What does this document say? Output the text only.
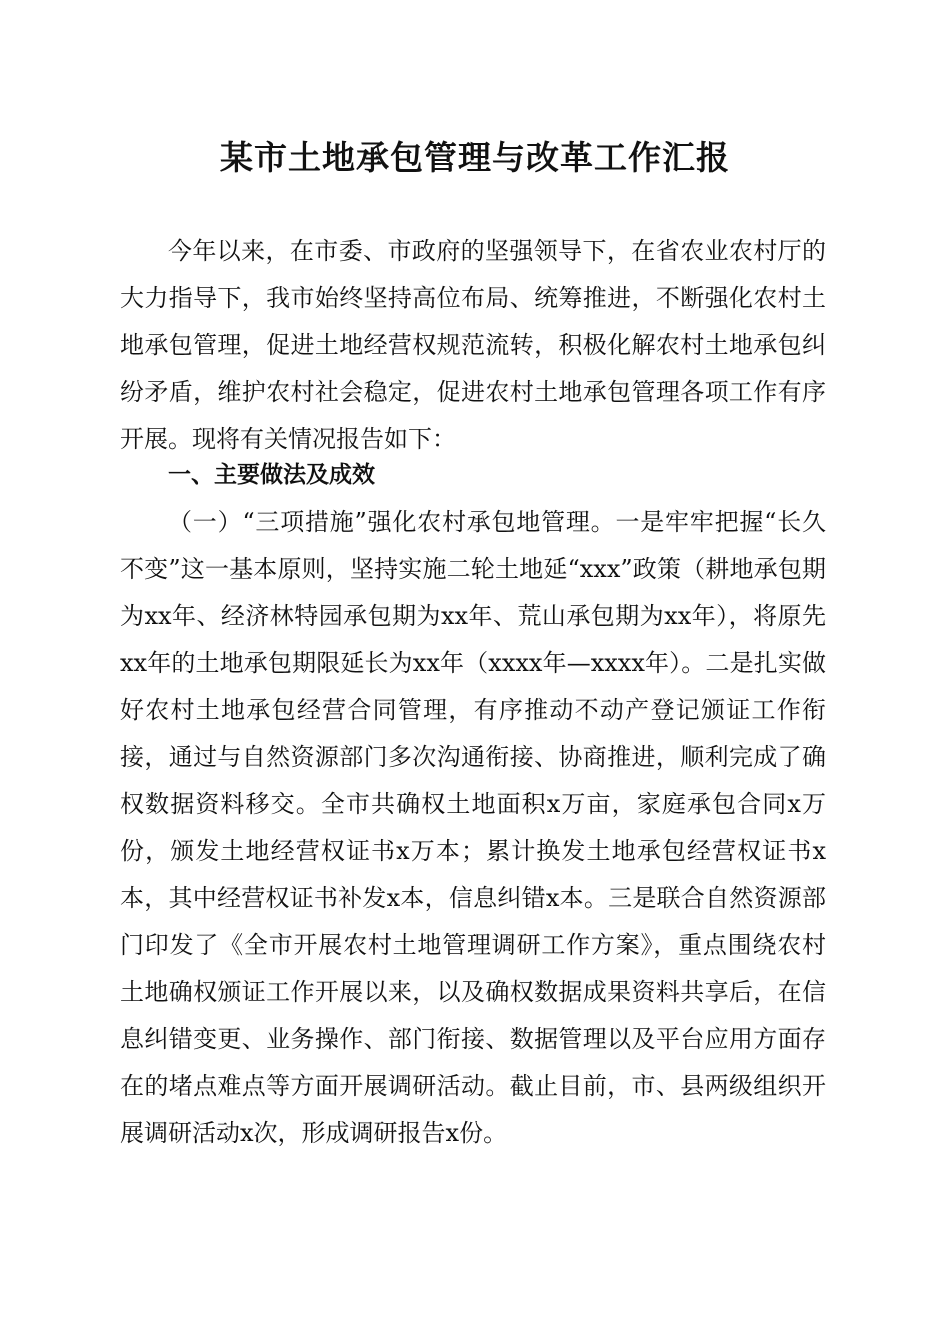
某市土地承包管理与改革工作汇报

今年以来，在市委、市政府的坚强领导下，在省农业农村厅的大力指导下，我市始终坚持高位布局、统筹推进，不断强化农村土地承包管理，促进土地经营权规范流转，积极化解农村土地承包纠纷矛盾，维护农村社会稳定，促进农村土地承包管理各项工作有序开展。现将有关情况报告如下：

一、主要做法及成效

（一）“三项措施”强化农村承包地管理。一是牢牢把握“长久不变”这一基本原则，坚持实施二轮土地延“xxx”政策（耕地承包期为xx年、经济林特园承包期为xx年、荒山承包期为xx年），将原先xx年的土地承包期限延长为xx年（xxxx年—xxxx年）。二是扎实做好农村土地承包经营合同管理，有序推动不动产登记颁证工作衔接，通过与自然资源部门多次沟通衔接、协商推进，顺利完成了确权数据资料移交。全市共确权土地面积x万亩，家庭承包合同x万份，颁发土地经营权证书x万本；累计换发土地承包经营权证书x本，其中经营权证书补发x本，信息纠错x本。三是联合自然资源部门印发了《全市开展农村土地管理调研工作方案》，重点围绕农村土地确权颁证工作开展以来，以及确权数据成果资料共享后，在信息纠错变更、业务操作、部门衔接、数据管理以及平台应用方面存在的堵点难点等方面开展调研活动。截止目前，市、县两级组织开展调研活动x次，形成调研报告x份。
